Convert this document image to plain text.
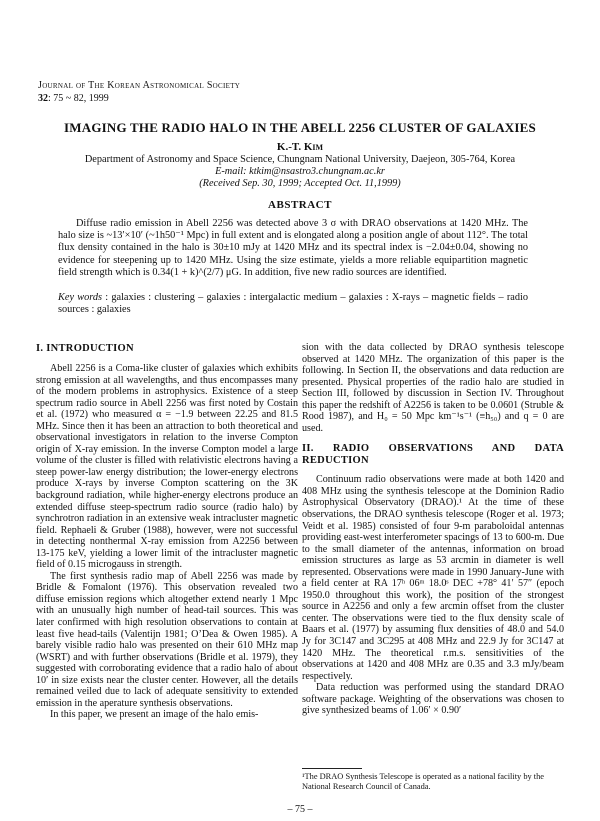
Journal of The Korean Astronomical Society
32: 75 ~ 82, 1999
IMAGING THE RADIO HALO IN THE ABELL 2256 CLUSTER OF GALAXIES
K.-T. Kim
Department of Astronomy and Space Science, Chungnam National University, Daejeon, 305-764, Korea
E-mail: ktkim@nsastro3.chungnam.ac.kr
(Received Sep. 30, 1999; Accepted Oct. 11,1999)
ABSTRACT
Diffuse radio emission in Abell 2256 was detected above 3 σ with DRAO observations at 1420 MHz. The halo size is ~13′×10′ (~1h50⁻¹ Mpc) in full extent and is elongated along a position angle of about 112°. The total flux density contained in the halo is 30±10 mJy at 1420 MHz and its spectral index is −2.04±0.04, showing no evidence for steepening up to 1420 MHz. Using the size estimate, yields a more reliable equipartition magnetic field strength which is 0.34(1 + k)^(2/7) μG. In addition, five new radio sources are identified.
Key words : galaxies : clustering – galaxies : intergalactic medium – galaxies : X-rays – magnetic fields – radio sources : galaxies
I. INTRODUCTION

Abell 2256 is a Coma-like cluster of galaxies which exhibits strong emission at all wavelengths, and thus encompasses many of the modern problems in astrophysics. Existence of a steep spectrum radio source in Abell 2256 was first noted by Costain et al. (1972) who measured α = −1.9 between 22.25 and 81.5 MHz. Since then it has been an attraction to both theoretical and observational investigators in relation to the inverse Compton origin of X-ray emission. In the inverse Compton model a large volume of the cluster is filled with relativistic electrons having a steep power-law energy distribution; the lower-energy electrons produce X-rays by inverse Compton scattering on the 3K background radiation, while higher-energy electrons produce an extended diffuse steep-spectrum radio source (radio halo) by synchrotron radiation in an extensive weak intracluster magnetic field. Rephaeli & Gruber (1988), however, were not successful in detecting nonthermal X-ray emission from A2256 between 13-175 keV, yielding a lower limit of the intracluster magnetic field of 0.15 microgauss in strength.

The first synthesis radio map of Abell 2256 was made by Bridle & Fomalont (1976). This observation revealed two diffuse emission regions which altogether extend nearly 1 Mpc with an unusually high number of head-tail sources. This was later confirmed with high resolution observations to contain at least five head-tails (Valentijn 1981; O’Dea & Owen 1985). A barely visible radio halo was presented on their 610 MHz map (WSRT) and with further observations (Bridle et al. 1979), they suggested with corroborating evidence that a radio halo of about 10′ in size exists near the cluster center. However, all the details remained veiled due to lack of adequate sensitivity to extended emission in the aperature synthesis observations.

In this paper, we present an image of the halo emis-

sion with the data collected by DRAO synthesis telescope observed at 1420 MHz. The organization of this paper is the following. In Section II, the observations and data reduction are presented. Physical properties of the radio halo are studied in Section III, followed by discussion in Section IV. Throughout this paper the redshift of A2256 is taken to be 0.0601 (Struble & Rood 1987), and H₀ = 50 Mpc km⁻¹s⁻¹ (≡h₅₀) and q = 0 are used.

II. RADIO OBSERVATIONS AND DATA REDUCTION

Continuum radio observations were made at both 1420 and 408 MHz using the synthesis telescope at the Dominion Radio Astrophysical Observatory (DRAO).¹ At the time of these observations, the DRAO synthesis telescope (Roger et al. 1973; Veidt et al. 1985) consisted of four 9-m paraboloidal antennas providing east-west interferometer spacings of 13 to 600-m. Due to the small diameter of the antennas, information on broad emission structures as large as 53 arcmin in diameter is well represented. Observations were made in 1990 January-June with a field center at RA 17ʰ 06ᵐ 18.0ˢ DEC +78° 41′ 57″ (epoch 1950.0 throughout this work), the position of the strongest source in A2256 and only a few arcmin offset from the cluster center. The observations were tied to the flux density scale of Baars et al. (1977) by assuming flux densities of 48.0 and 54.0 Jy for 3C147 and 3C295 at 408 MHz and 22.9 Jy for 3C147 at 1420 MHz. The theoretical r.m.s. sensitivities of the observations at 1420 and 408 MHz are 0.35 and 3.3 mJy/beam respectively.

Data reduction was performed using the standard DRAO software package. Weighting of the observations was chosen to give synthesized beams of 1.06′ × 0.90′

¹The DRAO Synthesis Telescope is operated as a national facility by the National Research Council of Canada.
– 75 –
